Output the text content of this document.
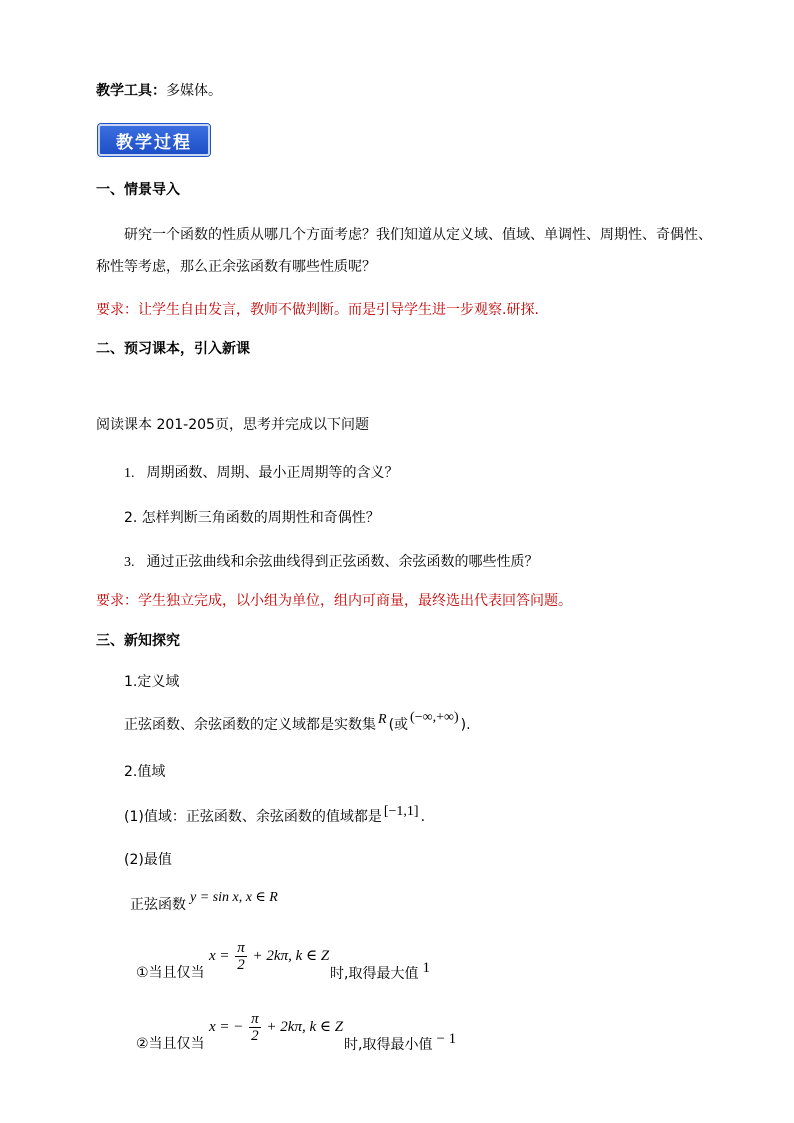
教学工具：多媒体。
教学过程
一、情景导入
研究一个函数的性质从哪几个方面考虑？我们知道从定义域、值域、单调性、周期性、奇偶性、
称性等考虑，那么正余弦函数有哪些性质呢？
要求：让学生自由发言，教师不做判断。而是引导学生进一步观察.研探.
二、预习课本，引入新课
阅读课本 201-205页，思考并完成以下问题
1. 周期函数、周期、最小正周期等的含义？
2. 怎样判断三角函数的周期性和奇偶性？
3. 通过正弦曲线和余弦曲线得到正弦函数、余弦函数的哪些性质？
要求：学生独立完成，以小组为单位，组内可商量，最终选出代表回答问题。
三、新知探究
1.定义域
正弦函数、余弦函数的定义域都是实数集 R (或 (−∞,+∞) ).
2.值域
(1)值域：正弦函数、余弦函数的值域都是 [−1,1] .
(2)最值
正弦函数 y = sin x, x ∈ R
①当且仅当
$x = \frac{\pi}{2} + 2k\pi$, k ∈ Z
时,取得最大值 1
②当且仅当
x = − $\frac{\pi}{2} + 2k\pi$, k ∈ Z
时,取得最小值 − 1
